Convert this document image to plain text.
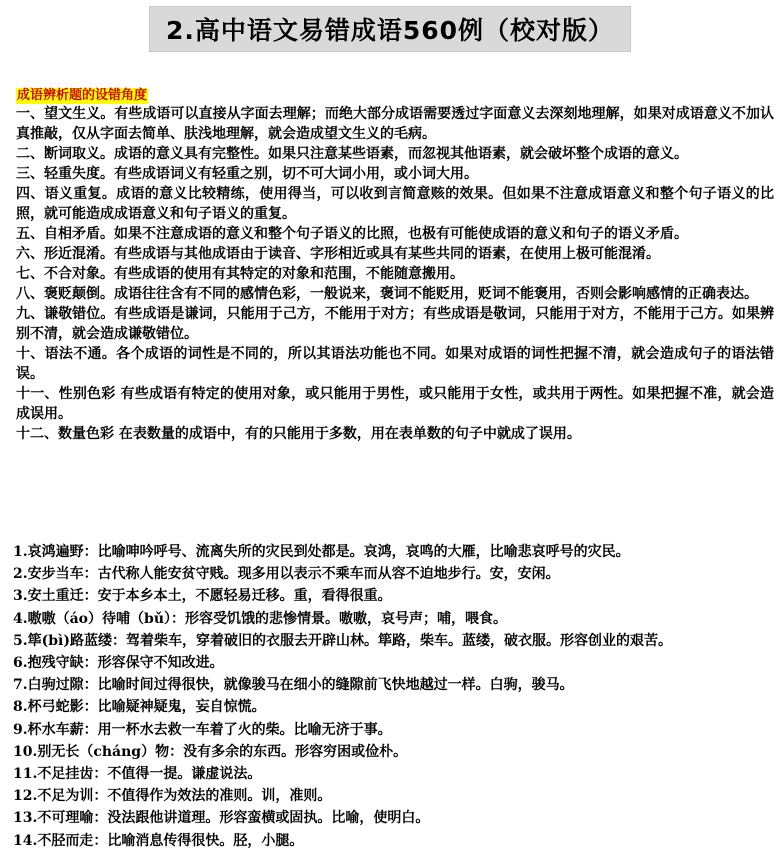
2.高中语文易错成语560例（校对版）
成语辨析题的设错角度

一、望文生义。有些成语可以直接从字面去理解；而绝大部分成语需要透过字面意义去深刻地理解，如果对成语意义不加认真推敲，仅从字面去简单、肤浅地理解，就会造成望文生义的毛病。

二、断词取义。成语的意义具有完整性。如果只注意某些语素，而忽视其他语素，就会破坏整个成语的意义。

三、轻重失度。有些成语词义有轻重之别，切不可大词小用，或小词大用。

四、语义重复。成语的意义比较精练，使用得当，可以收到言简意赅的效果。但如果不注意成语意义和整个句子语义的比照，就可能造成成语意义和句子语义的重复。

五、自相矛盾。如果不注意成语的意义和整个句子语义的比照，也极有可能使成语的意义和句子的语义矛盾。

六、形近混淆。有些成语与其他成语由于读音、字形相近或具有某些共同的语素，在使用上极可能混淆。

七、不合对象。有些成语的使用有其特定的对象和范围，不能随意搬用。

八、褒贬颠倒。成语往往含有不同的感情色彩，一般说来，褒词不能贬用，贬词不能褒用，否则会影响感情的正确表达。

九、谦敬错位。有些成语是谦词，只能用于己方，不能用于对方；有些成语是敬词，只能用于对方，不能用于己方。如果辨别不清，就会造成谦敬错位。

十、语法不通。各个成语的词性是不同的，所以其语法功能也不同。如果对成语的词性把握不清，就会造成句子的语法错误。

十一、性别色彩 有些成语有特定的使用对象，或只能用于男性，或只能用于女性，或共用于两性。如果把握不准，就会造成误用。

十二、数量色彩 在表数量的成语中，有的只能用于多数，用在表单数的句子中就成了误用。

1.哀鸿遍野：比喻呻吟呼号、流离失所的灾民到处都是。哀鸿，哀鸣的大雁，比喻悲哀呼号的灾民。
2.安步当车：古代称人能安贫守贱。现多用以表示不乘车而从容不迫地步行。安，安闲。
3.安土重迁：安于本乡本土，不愿轻易迁移。重，看得很重。
4.嗷嗷（áo）待哺（bǔ）：形容受饥饿的悲惨情景。嗷嗷，哀号声；哺，喂食。
5.筚(bì)路蓝缕：驾着柴车，穿着破旧的衣服去开辟山林。筚路，柴车。蓝缕，破衣服。形容创业的艰苦。
6.抱残守缺：形容保守不知改进。
7.白驹过隙：比喻时间过得很快，就像骏马在细小的缝隙前飞快地越过一样。白驹，骏马。
8.杯弓蛇影：比喻疑神疑鬼，妄自惊慌。
9.杯水车薪：用一杯水去救一车着了火的柴。比喻无济于事。
10.别无长（cháng）物：没有多余的东西。形容穷困或俭朴。
11.不足挂齿：不值得一提。谦虚说法。
12.不足为训：不值得作为效法的准则。训，准则。
13.不可理喻：没法跟他讲道理。形容蛮横或固执。比喻，使明白。
14.不胫而走：比喻消息传得很快。胫，小腿。
